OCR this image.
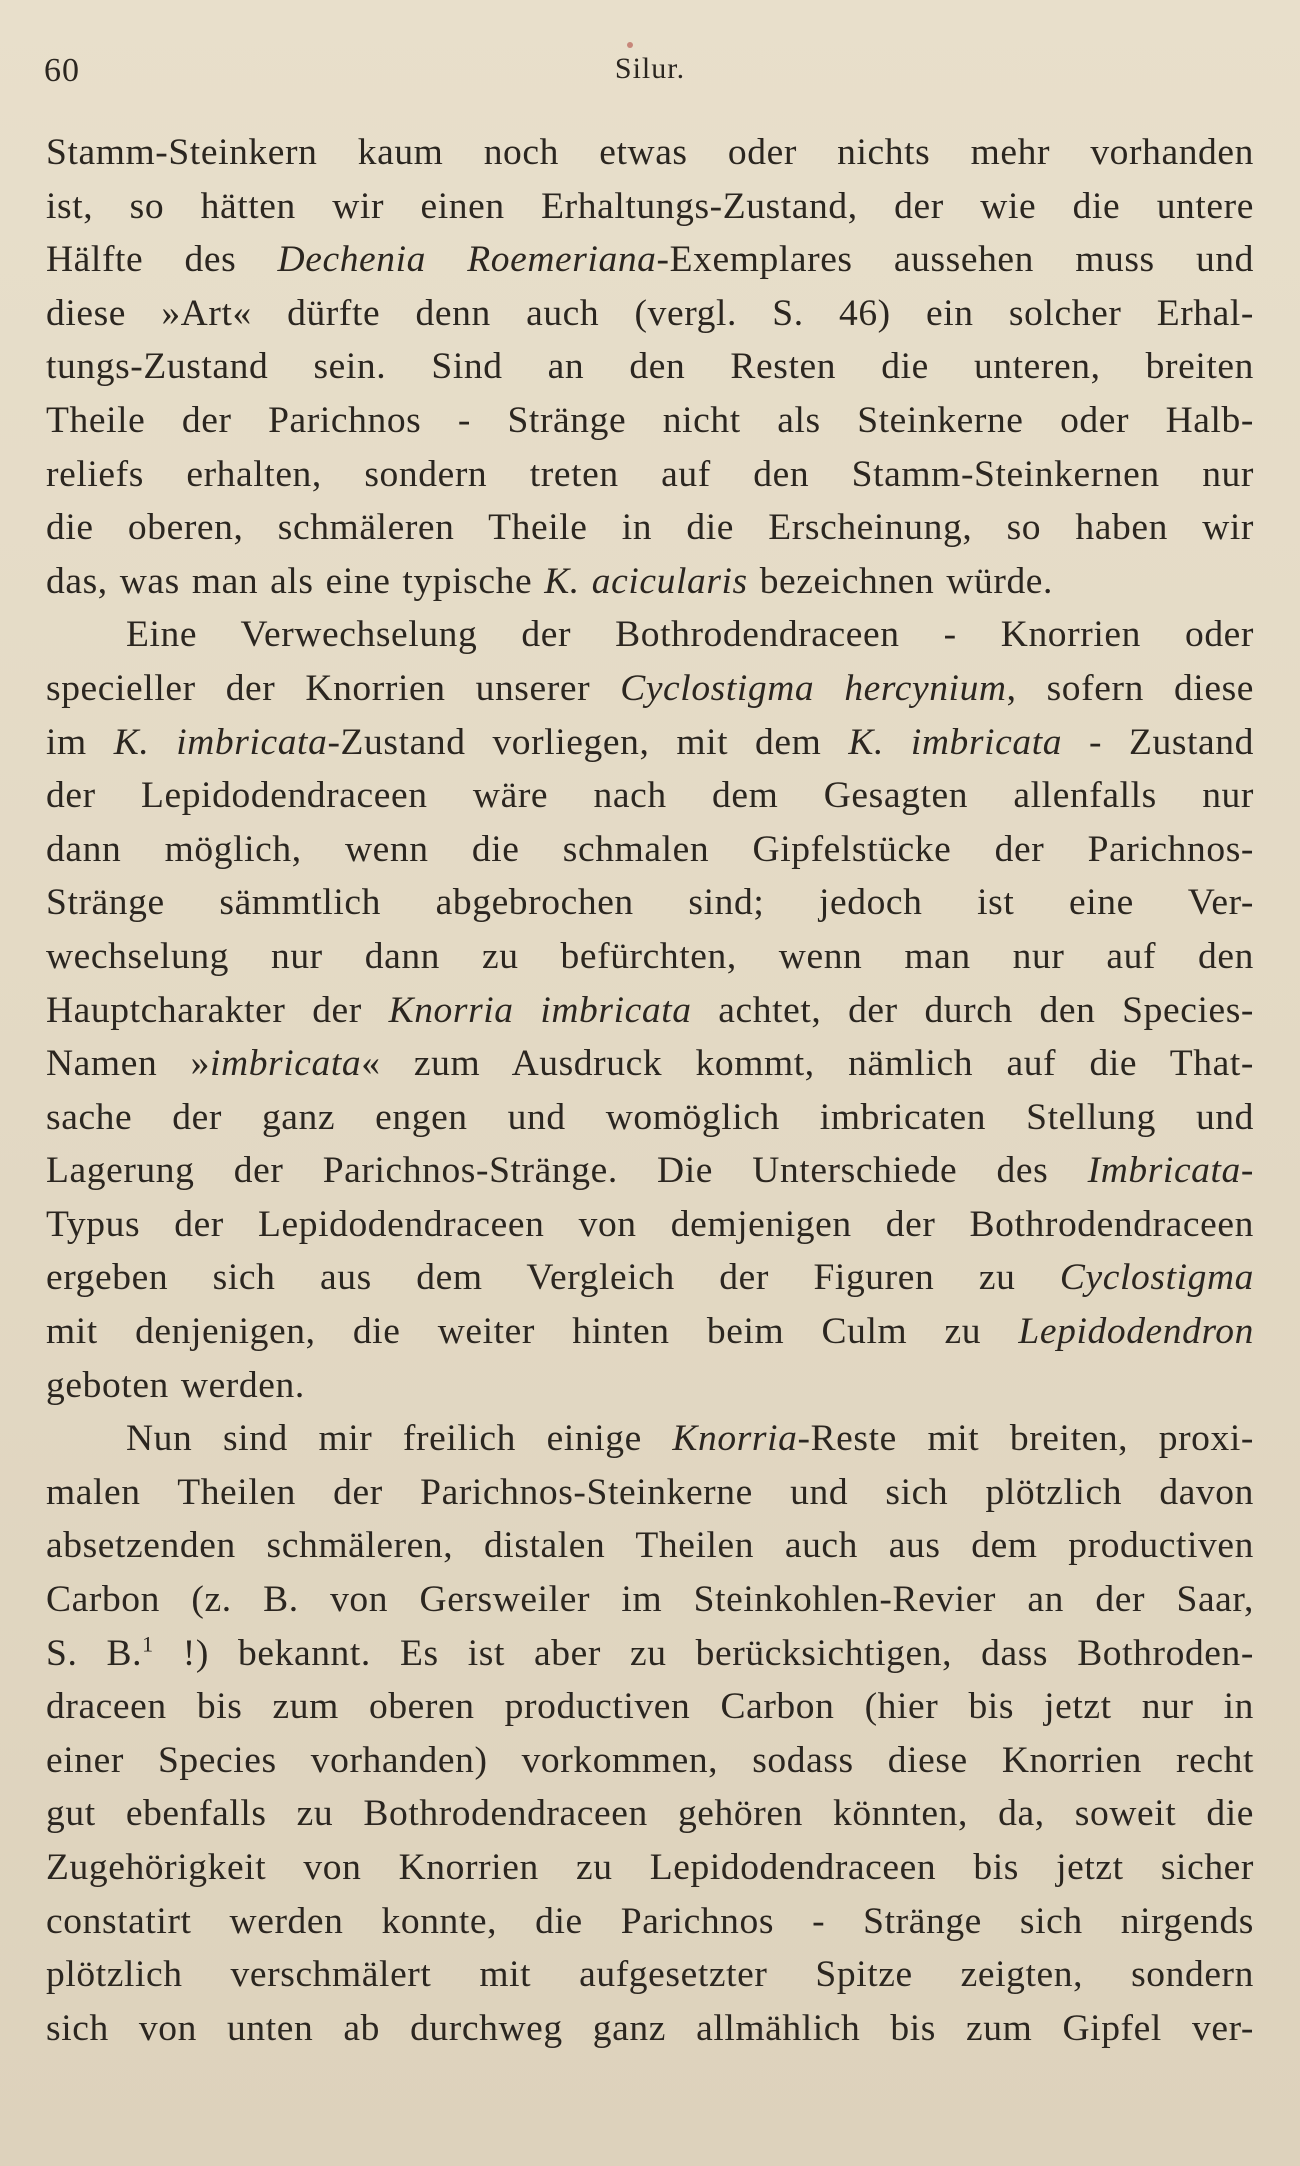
60	Silur.
Stamm-Steinkern kaum noch etwas oder nichts mehr vorhanden
ist, so hätten wir einen Erhaltungs-Zustand, der wie die untere
Hälfte des Dechenia Roemeriana-Exemplares aussehen muss und
diese »Art« dürfte denn auch (vergl. S. 46) ein solcher Erhal-
tungs-Zustand sein. Sind an den Resten die unteren, breiten
Theile der Parichnos - Stränge nicht als Steinkerne oder Halb-
reliefs erhalten, sondern treten auf den Stamm-Steinkernen nur
die oberen, schmäleren Theile in die Erscheinung, so haben wir
das, was man als eine typische K. acicularis bezeichnen würde.
Eine Verwechselung der Bothrodendraceen - Knorrien oder
specieller der Knorrien unserer Cyclostigma hercynium, sofern diese
im K. imbricata-Zustand vorliegen, mit dem K. imbricata - Zustand
der Lepidodendraceen wäre nach dem Gesagten allenfalls nur
dann möglich, wenn die schmalen Gipfelstücke der Parichnos-
Stränge sämmtlich abgebrochen sind; jedoch ist eine Ver-
wechselung nur dann zu befürchten, wenn man nur auf den
Hauptcharakter der Knorria imbricata achtet, der durch den Species-
Namen »imbricata« zum Ausdruck kommt, nämlich auf die That-
sache der ganz engen und womöglich imbricaten Stellung und
Lagerung der Parichnos-Stränge. Die Unterschiede des Imbricata-
Typus der Lepidodendraceen von demjenigen der Bothrodendraceen
ergeben sich aus dem Vergleich der Figuren zu Cyclostigma
mit denjenigen, die weiter hinten beim Culm zu Lepidodendron
geboten werden.
Nun sind mir freilich einige Knorria-Reste mit breiten, proxi-
malen Theilen der Parichnos-Steinkerne und sich plötzlich davon
absetzenden schmäleren, distalen Theilen auch aus dem productiven
Carbon (z. B. von Gersweiler im Steinkohlen-Revier an der Saar,
S. B.$^1$ !) bekannt. Es ist aber zu berücksichtigen, dass Bothroden-
draceen bis zum oberen productiven Carbon (hier bis jetzt nur in
einer Species vorhanden) vorkommen, sodass diese Knorrien recht
gut ebenfalls zu Bothrodendraceen gehören könnten, da, soweit die
Zugehörigkeit von Knorrien zu Lepidodendraceen bis jetzt sicher
constatirt werden konnte, die Parichnos - Stränge sich nirgends
plötzlich verschmälert mit aufgesetzter Spitze zeigten, sondern
sich von unten ab durchweg ganz allmählich bis zum Gipfel ver-
